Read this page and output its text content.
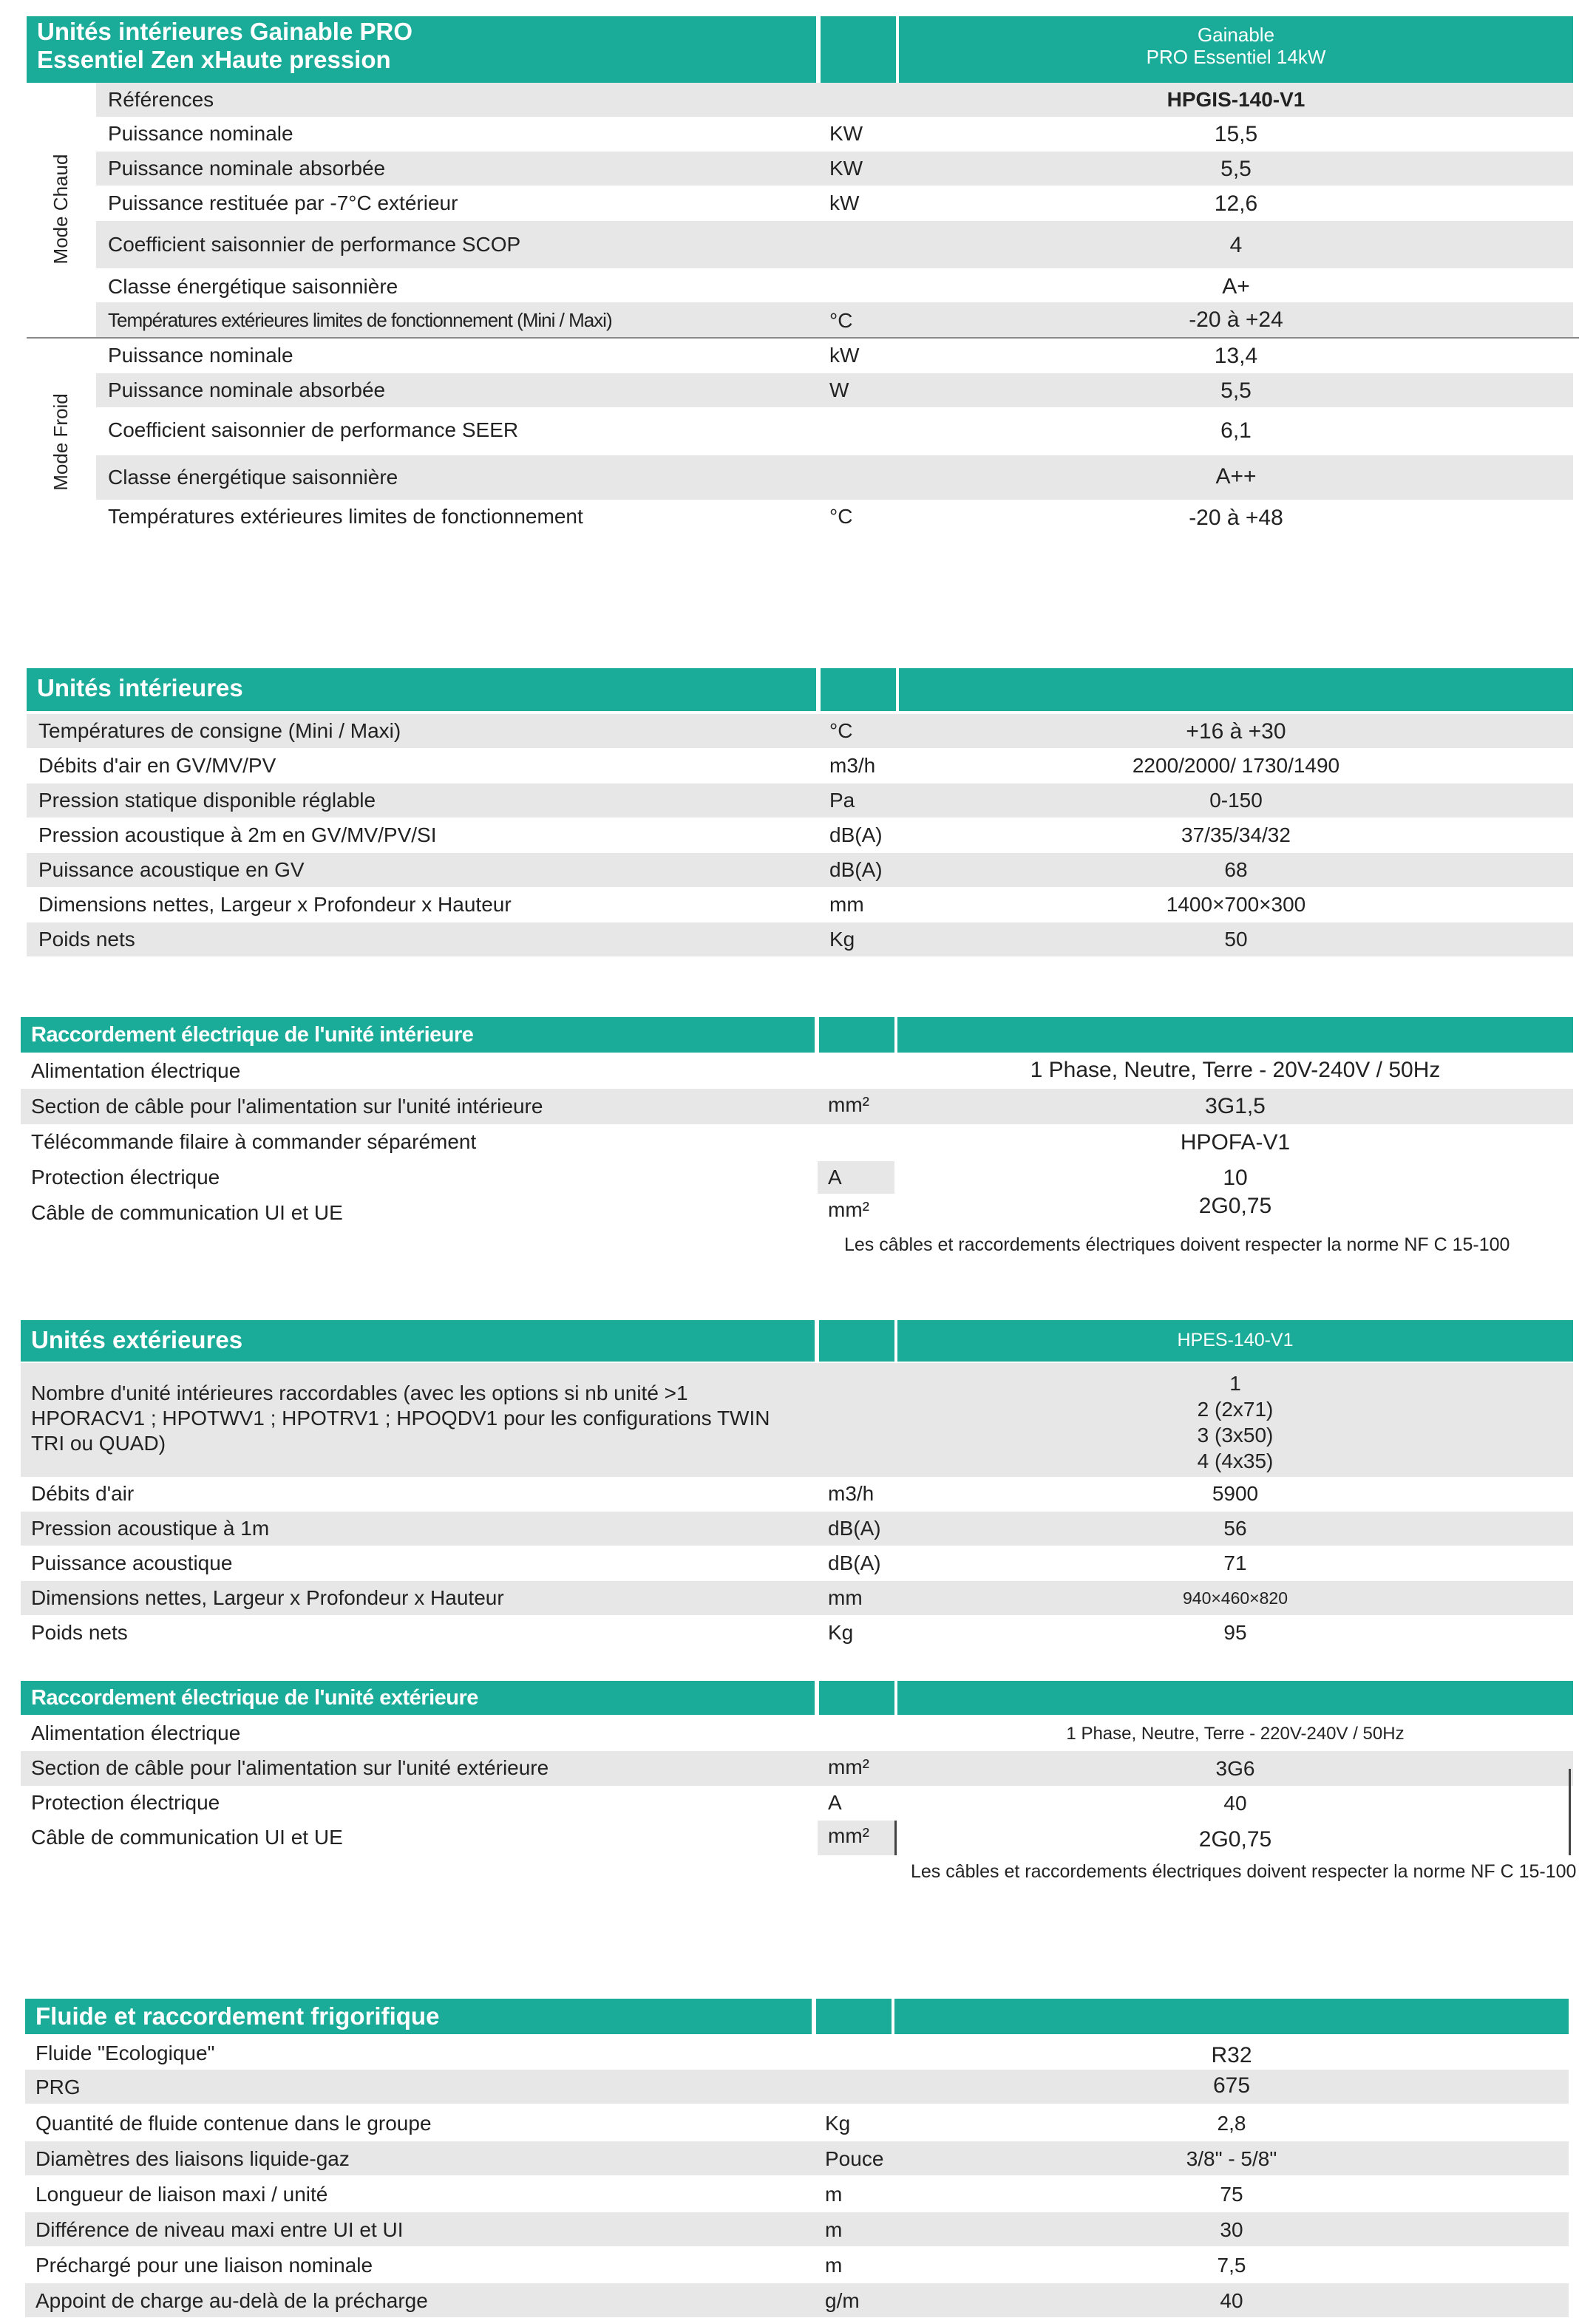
Unités intérieures Gainable PRO
Essentiel Zen xHaute pression
Gainable
PRO Essentiel 14kW
Mode Chaud
Mode Froid
Références	HPGIS-140-V1
Puissance nominale	KW	15,5
Puissance nominale absorbée	KW	5,5
Puissance restituée par -7°C extérieur	kW	12,6
Coefficient saisonnier de performance SCOP	4
Classe énergétique saisonnière	A+
Températures extérieures limites de fonctionnement (Mini / Maxi)	°C	-20 à +24
Puissance nominale	kW	13,4
Puissance nominale absorbée	W	5,5
Coefficient saisonnier de performance SEER	6,1
Classe énergétique saisonnière	A++
Températures extérieures limites de fonctionnement	°C	-20 à +48
Unités intérieures
Températures de consigne (Mini / Maxi)	°C	+16 à +30
Débits d'air en GV/MV/PV	m3/h	2200/2000/ 1730/1490
Pression statique disponible réglable	Pa	0-150
Pression acoustique à 2m en GV/MV/PV/SI	dB(A)	37/35/34/32
Puissance acoustique en GV	dB(A)	68
Dimensions nettes, Largeur x Profondeur x Hauteur	mm	1400×700×300
Poids nets	Kg	50
Raccordement électrique de l'unité intérieure
Alimentation électrique	1 Phase, Neutre, Terre - 20V-240V / 50Hz
Section de câble pour l'alimentation sur l'unité intérieure	mm²	3G1,5
Télécommande filaire à commander séparément	HPOFA-V1
Protection électrique	A	10
Câble de communication UI et UE	mm²	2G0,75
Les câbles et raccordements électriques doivent respecter la norme NF C 15-100
Unités extérieures	HPES-140-V1
Nombre d'unité intérieures raccordables (avec les options si nb unité >1 HPORACV1 ; HPOTWV1 ; HPOTRV1 ; HPOQDV1 pour les configurations TWIN TRI ou QUAD)
1
2 (2x71)
3 (3x50)
4 (4x35)
Débits d'air	m3/h	5900
Pression acoustique à 1m	dB(A)	56
Puissance acoustique	dB(A)	71
Dimensions nettes, Largeur x Profondeur x Hauteur	mm	940×460×820
Poids nets	Kg	95
Raccordement électrique de l'unité extérieure
Alimentation électrique	1 Phase, Neutre, Terre - 220V-240V / 50Hz
Section de câble pour l'alimentation sur l'unité extérieure	mm²	3G6
Protection électrique	A	40
Câble de communication UI et UE	mm²	2G0,75
Les câbles et raccordements électriques doivent respecter la norme NF C 15-100
Fluide et raccordement frigorifique
Fluide "Ecologique"	R32
PRG	675
Quantité de fluide contenue dans le groupe	Kg	2,8
Diamètres des liaisons liquide-gaz	Pouce	3/8" - 5/8"
Longueur de liaison maxi / unité	m	75
Différence de niveau maxi entre UI et UI	m	30
Préchargé pour une liaison nominale	m	7,5
Appoint de charge au-delà de la précharge	g/m	40
